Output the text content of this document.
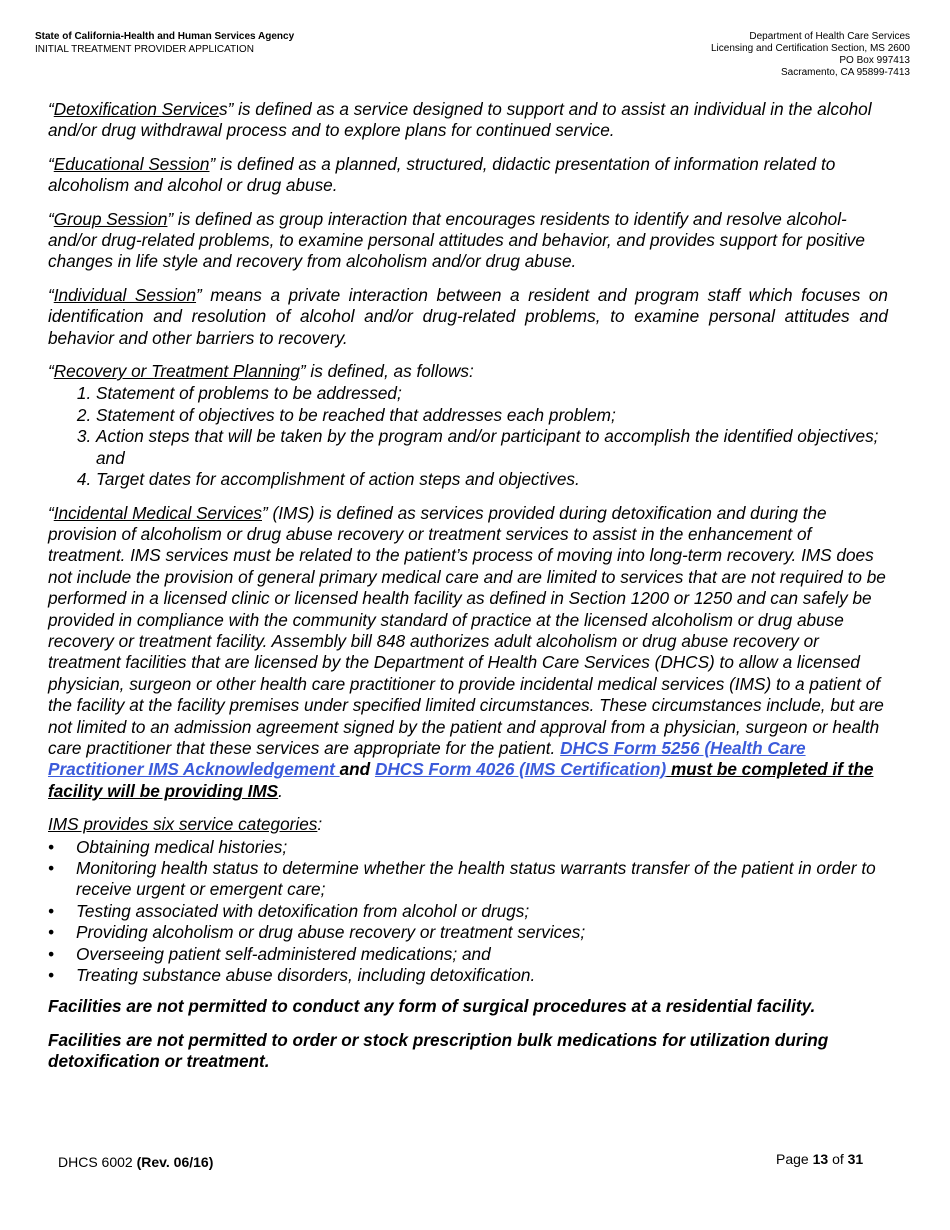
State of California-Health and Human Services Agency
INITIAL TREATMENT PROVIDER APPLICATION
Department of Health Care Services
Licensing and Certification Section, MS 2600
PO Box 997413
Sacramento, CA 95899-7413

“Detoxification Services” is defined as a service designed to support and to assist an individual in the alcohol and/or drug withdrawal process and to explore plans for continued service.

“Educational Session” is defined as a planned, structured, didactic presentation of information related to alcoholism and alcohol or drug abuse.

“Group Session” is defined as group interaction that encourages residents to identify and resolve alcohol- and/or drug-related problems, to examine personal attitudes and behavior, and provides support for positive changes in life style and recovery from alcoholism and/or drug abuse.

“Individual Session” means a private interaction between a resident and program staff which focuses on identification and resolution of alcohol and/or drug-related problems, to examine personal attitudes and behavior and other barriers to recovery.

“Recovery or Treatment Planning” is defined, as follows:

1. Statement of problems to be addressed;
2. Statement of objectives to be reached that addresses each problem;
3. Action steps that will be taken by the program and/or participant to accomplish the identified objectives; and
4. Target dates for accomplishment of action steps and objectives.

“Incidental Medical Services” (IMS) is defined as services provided during detoxification and during the provision of alcoholism or drug abuse recovery or treatment services to assist in the enhancement of treatment. IMS services must be related to the patient’s process of moving into long-term recovery. IMS does not include the provision of general primary medical care and are limited to services that are not required to be performed in a licensed clinic or licensed health facility as defined in Section 1200 or 1250 and can safely be provided in compliance with the community standard of practice at the licensed alcoholism or drug abuse recovery or treatment facility. Assembly bill 848 authorizes adult alcoholism or drug abuse recovery or treatment facilities that are licensed by the Department of Health Care Services (DHCS) to allow a licensed physician, surgeon or other health care practitioner to provide incidental medical services (IMS) to a patient of the facility at the facility premises under specified limited circumstances. These circumstances include, but are not limited to an admission agreement signed by the patient and approval from a physician, surgeon or health care practitioner that these services are appropriate for the patient. DHCS Form 5256 (Health Care Practitioner IMS Acknowledgement and DHCS Form 4026 (IMS Certification) must be completed if the facility will be providing IMS.

IMS provides six service categories:

• Obtaining medical histories;
• Monitoring health status to determine whether the health status warrants transfer of the patient in order to receive urgent or emergent care;
• Testing associated with detoxification from alcohol or drugs;
• Providing alcoholism or drug abuse recovery or treatment services;
• Overseeing patient self-administered medications; and
• Treating substance abuse disorders, including detoxification.

Facilities are not permitted to conduct any form of surgical procedures at a residential facility.

Facilities are not permitted to order or stock prescription bulk medications for utilization during detoxification or treatment.

DHCS 6002 (Rev. 06/16)	Page 13 of 31
